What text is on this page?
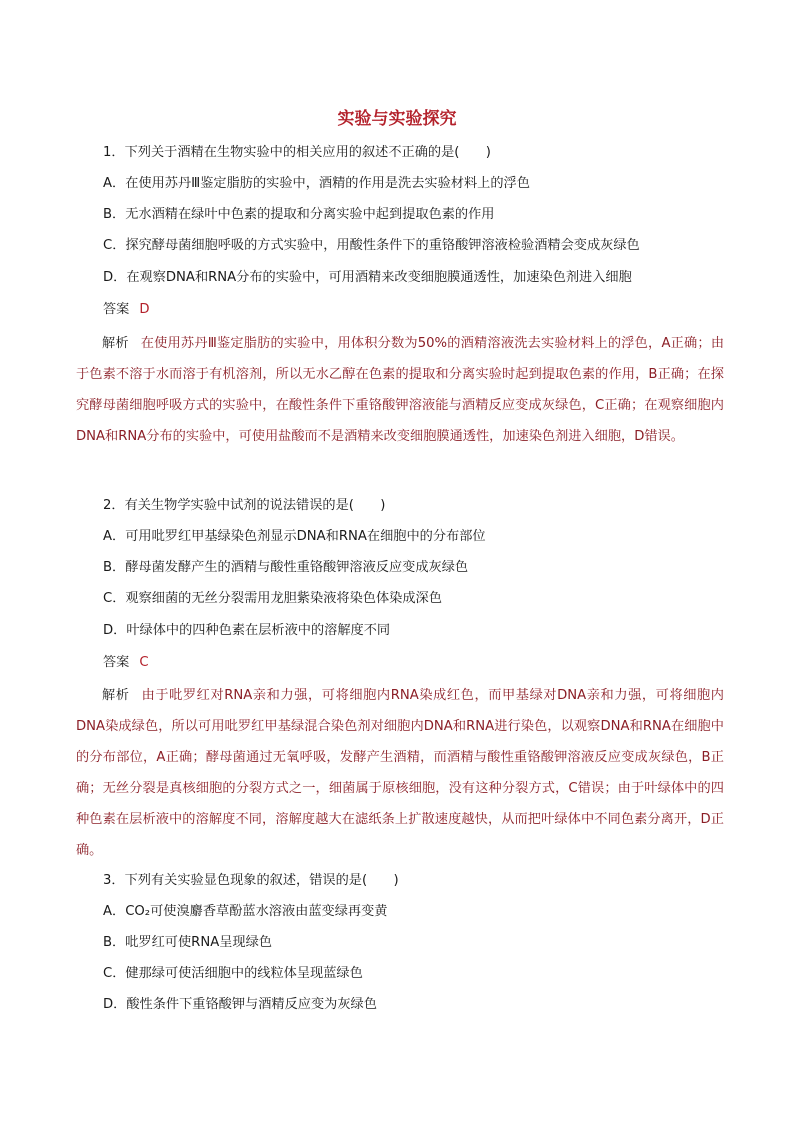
实验与实验探究
1．下列关于酒精在生物实验中的相关应用的叙述不正确的是(　　)
A．在使用苏丹Ⅲ鉴定脂肪的实验中，酒精的作用是洗去实验材料上的浮色
B．无水酒精在绿叶中色素的提取和分离实验中起到提取色素的作用
C．探究酵母菌细胞呼吸的方式实验中，用酸性条件下的重铬酸钾溶液检验酒精会变成灰绿色
D．在观察DNA和RNA分布的实验中，可用酒精来改变细胞膜通透性，加速染色剂进入细胞
答案 D
解析 在使用苏丹Ⅲ鉴定脂肪的实验中，用体积分数为50%的酒精溶液洗去实验材料上的浮色，A正确；由于色素不溶于水而溶于有机溶剂，所以无水乙醇在色素的提取和分离实验时起到提取色素的作用，B正确；在探究酵母菌细胞呼吸方式的实验中，在酸性条件下重铬酸钾溶液能与酒精反应变成灰绿色，C正确；在观察细胞内DNA和RNA分布的实验中，可使用盐酸而不是酒精来改变细胞膜通透性，加速染色剂进入细胞，D错误。
2．有关生物学实验中试剂的说法错误的是(　　)
A．可用吡罗红甲基绿染色剂显示DNA和RNA在细胞中的分布部位
B．酵母菌发酵产生的酒精与酸性重铬酸钾溶液反应变成灰绿色
C．观察细菌的无丝分裂需用龙胆紫染液将染色体染成深色
D．叶绿体中的四种色素在层析液中的溶解度不同
答案 C
解析 由于吡罗红对RNA亲和力强，可将细胞内RNA染成红色，而甲基绿对DNA亲和力强，可将细胞内DNA染成绿色，所以可用吡罗红甲基绿混合染色剂对细胞内DNA和RNA进行染色，以观察DNA和RNA在细胞中的分布部位，A正确；酵母菌通过无氧呼吸，发酵产生酒精，而酒精与酸性重铬酸钾溶液反应变成灰绿色，B正确；无丝分裂是真核细胞的分裂方式之一，细菌属于原核细胞，没有这种分裂方式，C错误；由于叶绿体中的四种色素在层析液中的溶解度不同，溶解度越大在滤纸条上扩散速度越快，从而把叶绿体中不同色素分离开，D正确。
3．下列有关实验显色现象的叙述，错误的是(　　)
A．CO₂可使溴麝香草酚蓝水溶液由蓝变绿再变黄
B．吡罗红可使RNA呈现绿色
C．健那绿可使活细胞中的线粒体呈现蓝绿色
D．酸性条件下重铬酸钾与酒精反应变为灰绿色
